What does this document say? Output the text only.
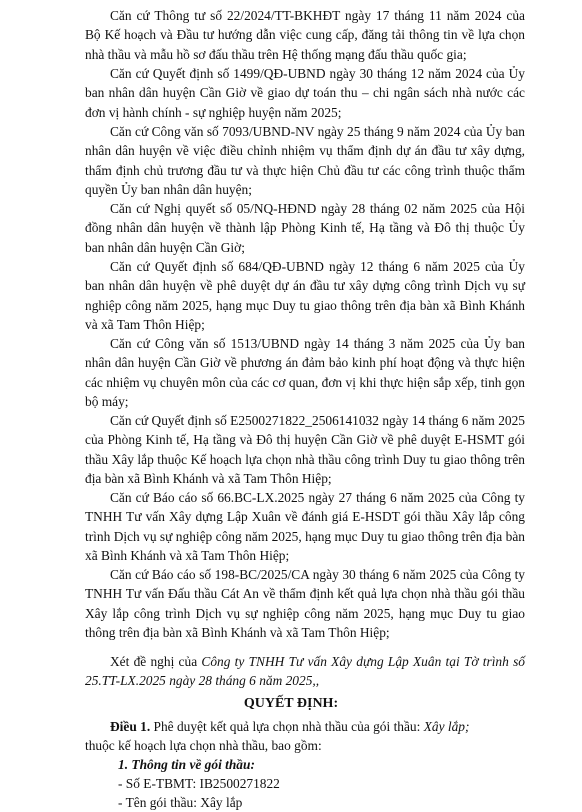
Căn cứ Thông tư số 22/2024/TT-BKHĐT ngày 17 tháng 11 năm 2024 của Bộ Kế hoạch và Đầu tư hướng dẫn việc cung cấp, đăng tải thông tin về lựa chọn nhà thầu và mẫu hồ sơ đấu thầu trên Hệ thống mạng đấu thầu quốc gia;

Căn cứ Quyết định số 1499/QĐ-UBND ngày 30 tháng 12 năm 2024 của Ủy ban nhân dân huyện Cần Giờ về giao dự toán thu – chi ngân sách nhà nước các đơn vị hành chính - sự nghiệp huyện năm 2025;

Căn cứ Công văn số 7093/UBND-NV ngày 25 tháng 9 năm 2024 của Ủy ban nhân dân huyện về việc điều chỉnh nhiệm vụ thẩm định dự án đầu tư xây dựng, thẩm định chủ trương đầu tư và thực hiện Chủ đầu tư các công trình thuộc thẩm quyền Ủy ban nhân dân huyện;

Căn cứ Nghị quyết số 05/NQ-HĐND ngày 28 tháng 02 năm 2025 của Hội đồng nhân dân huyện về thành lập Phòng Kinh tế, Hạ tầng và Đô thị thuộc Ủy ban nhân dân huyện Cần Giờ;

Căn cứ Quyết định số 684/QĐ-UBND ngày 12 tháng 6 năm 2025 của Ủy ban nhân dân huyện về phê duyệt dự án đầu tư xây dựng công trình Dịch vụ sự nghiệp công năm 2025, hạng mục Duy tu giao thông trên địa bàn xã Bình Khánh và xã Tam Thôn Hiệp;

Căn cứ Công văn số 1513/UBND ngày 14 tháng 3 năm 2025 của Ủy ban nhân dân huyện Cần Giờ về phương án đảm bảo kinh phí hoạt động và thực hiện các nhiệm vụ chuyên môn của các cơ quan, đơn vị khi thực hiện sắp xếp, tinh gọn bộ máy;

Căn cứ Quyết định số E2500271822_2506141032 ngày 14 tháng 6 năm 2025 của Phòng Kinh tế, Hạ tầng và Đô thị huyện Cần Giờ về phê duyệt E-HSMT gói thầu Xây lắp thuộc Kế hoạch lựa chọn nhà thầu công trình Duy tu giao thông trên địa bàn xã Bình Khánh và xã Tam Thôn Hiệp;

Căn cứ Báo cáo số 66.BC-LX.2025 ngày 27 tháng 6 năm 2025 của Công ty TNHH Tư vấn Xây dựng Lập Xuân về đánh giá E-HSDT gói thầu Xây lắp công trình Dịch vụ sự nghiệp công năm 2025, hạng mục Duy tu giao thông trên địa bàn xã Bình Khánh và xã Tam Thôn Hiệp;

Căn cứ Báo cáo số 198-BC/2025/CA ngày 30 tháng 6 năm 2025 của Công ty TNHH Tư vấn Đấu thầu Cát An về thẩm định kết quả lựa chọn nhà thầu gói thầu Xây lắp công trình Dịch vụ sự nghiệp công năm 2025, hạng mục Duy tu giao thông trên địa bàn xã Bình Khánh và xã Tam Thôn Hiệp;

Xét đề nghị của Công ty TNHH Tư vấn Xây dựng Lập Xuân tại Tờ trình số 25.TT-LX.2025 ngày 28 tháng 6 năm 2025,,

QUYẾT ĐỊNH:

Điều 1. Phê duyệt kết quả lựa chọn nhà thầu của gói thầu: Xây lắp;

thuộc kế hoạch lựa chọn nhà thầu, bao gồm:
1. Thông tin về gói thầu:
- Số E-TBMT: IB2500271822
- Tên gói thầu: Xây lắp
